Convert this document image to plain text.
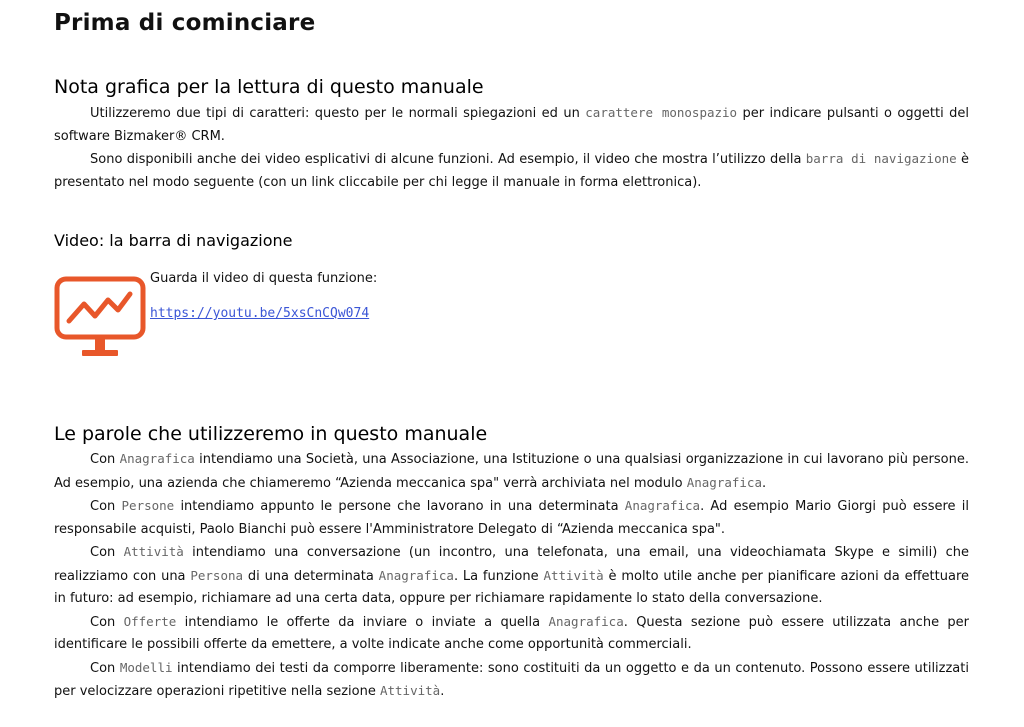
Prima di cominciare
Nota grafica per la lettura di questo manuale

Utilizzeremo due tipi di caratteri: questo per le normali spiegazioni ed un carattere monospazio per indicare pulsanti o oggetti del software Bizmaker® CRM.

Sono disponibili anche dei video esplicativi di alcune funzioni. Ad esempio, il video che mostra l’utilizzo della barra di navigazione è presentato nel modo seguente (con un link cliccabile per chi legge il manuale in forma elettronica).

Video: la barra di navigazione
Guarda il video di questa funzione:
https://youtu.be/5xsCnCQw074
Le parole che utilizzeremo in questo manuale

Con Anagrafica intendiamo una Società, una Associazione, una Istituzione o una qualsiasi organizzazione in cui lavorano più persone. Ad esempio, una azienda che chiameremo “Azienda meccanica spa" verrà archiviata nel modulo Anagrafica.

Con Persone intendiamo appunto le persone che lavorano in una determinata Anagrafica. Ad esempio Mario Giorgi può essere il responsabile acquisti, Paolo Bianchi può essere l'Amministratore Delegato di “Azienda meccanica spa".

Con Attività intendiamo una conversazione (un incontro, una telefonata, una email, una videochiamata Skype e simili) che realizziamo con una Persona di una determinata Anagrafica. La funzione Attività è molto utile anche per pianificare azioni da effettuare in futuro: ad esempio, richiamare ad una certa data, oppure per richiamare rapidamente lo stato della conversazione.

Con Offerte intendiamo le offerte da inviare o inviate a quella Anagrafica. Questa sezione può essere utilizzata anche per identificare le possibili offerte da emettere, a volte indicate anche come opportunità commerciali.

Con Modelli intendiamo dei testi da comporre liberamente: sono costituiti da un oggetto e da un contenuto. Possono essere utilizzati per velocizzare operazioni ripetitive nella sezione Attività.
